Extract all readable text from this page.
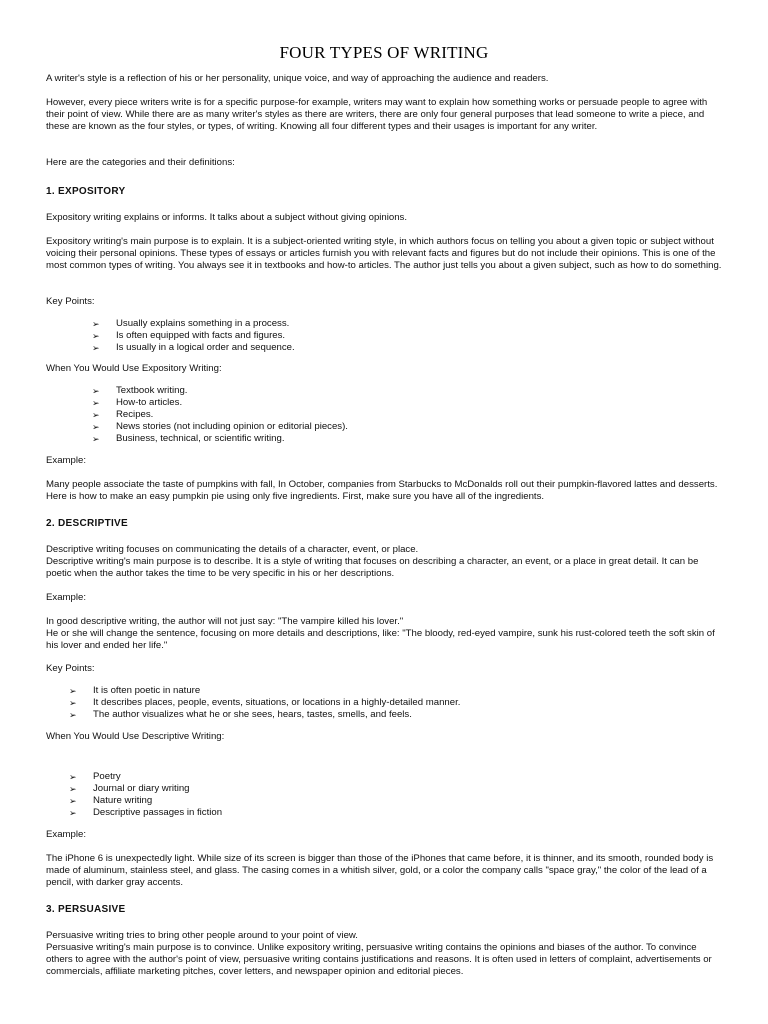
FOUR TYPES OF WRITING

A writer's style is a reflection of his or her personality, unique voice, and way of approaching the audience and readers.

However, every piece writers write is for a specific purpose-for example, writers may want to explain how something works or persuade people to agree with their point of view. While there are as many writer's styles as there are writers, there are only four general purposes that lead someone to write a piece, and these are known as the four styles, or types, of writing. Knowing all four different types and their usages is important for any writer.

Here are the categories and their definitions:

1. EXPOSITORY

Expository writing explains or informs. It talks about a subject without giving opinions.

Expository writing's main purpose is to explain. It is a subject-oriented writing style, in which authors focus on telling you about a given topic or subject without voicing their personal opinions. These types of essays or articles furnish you with relevant facts and figures but do not include their opinions. This is one of the most common types of writing. You always see it in textbooks and how-to articles. The author just tells you about a given subject, such as how to do something.

Key Points:

➢ Usually explains something in a process.
➢ Is often equipped with facts and figures.
➢ Is usually in a logical order and sequence.

When You Would Use Expository Writing:

➢ Textbook writing.
➢ How-to articles.
➢ Recipes.
➢ News stories (not including opinion or editorial pieces).
➢ Business, technical, or scientific writing.

Example:

Many people associate the taste of pumpkins with fall, In October, companies from Starbucks to McDonalds roll out their pumpkin-flavored lattes and desserts. Here is how to make an easy pumpkin pie using only five ingredients. First, make sure you have all of the ingredients.

2. DESCRIPTIVE

Descriptive writing focuses on communicating the details of a character, event, or place.

Descriptive writing's main purpose is to describe. It is a style of writing that focuses on describing a character, an event, or a place in great detail. It can be poetic when the author takes the time to be very specific in his or her descriptions.

Example:

In good descriptive writing, the author will not just say: "The vampire killed his lover."

He or she will change the sentence, focusing on more details and descriptions, like: "The bloody, red-eyed vampire, sunk his rust-colored teeth the soft skin of his lover and ended her life."

Key Points:

➢ It is often poetic in nature
➢ It describes places, people, events, situations, or locations in a highly-detailed manner.
➢ The author visualizes what he or she sees, hears, tastes, smells, and feels.

When You Would Use Descriptive Writing:

➢ Poetry
➢ Journal or diary writing
➢ Nature writing
➢ Descriptive passages in fiction

Example:

The iPhone 6 is unexpectedly light. While size of its screen is bigger than those of the iPhones that came before, it is thinner, and its smooth, rounded body is made of aluminum, stainless steel, and glass. The casing comes in a whitish silver, gold, or a color the company calls "space gray," the color of the lead of a pencil, with darker gray accents.

3. PERSUASIVE

Persuasive writing tries to bring other people around to your point of view.

Persuasive writing's main purpose is to convince. Unlike expository writing, persuasive writing contains the opinions and biases of the author. To convince others to agree with the author's point of view, persuasive writing contains justifications and reasons. It is often used in letters of complaint, advertisements or commercials, affiliate marketing pitches, cover letters, and newspaper opinion and editorial pieces.
